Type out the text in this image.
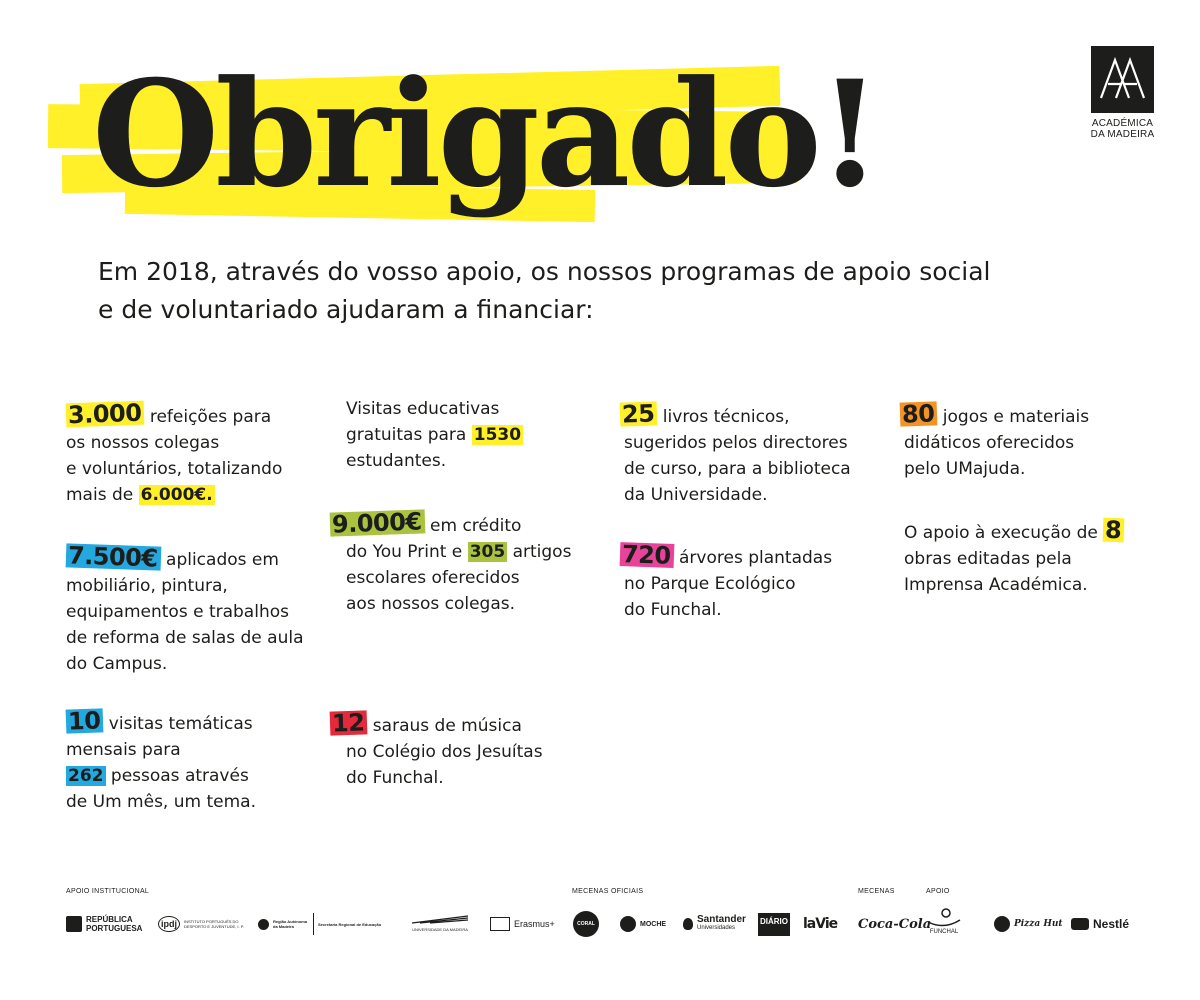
Obrigado!	ACADÉMICA
DA MADEIRA

Em 2018, através do vosso apoio, os nossos programas de apoio social
e de voluntariado ajudaram a financiar:

3.000 refeições para
os nossos colegas
e voluntários, totalizando
mais de 6.000€.
7.500€ aplicados em
mobiliário, pintura,
equipamentos e trabalhos
de reforma de salas de aula
do Campus.
10 visitas temáticas
mensais para
262 pessoas através
de Um mês, um tema.
Visitas educativas
gratuitas para 1530
estudantes.
9.000€ em crédito
do You Print e 305 artigos
escolares oferecidos
aos nossos colegas.
12 saraus de música
no Colégio dos Jesuítas
do Funchal.
25 livros técnicos,
sugeridos pelos directores
de curso, para a biblioteca
da Universidade.
720 árvores plantadas
no Parque Ecológico
do Funchal.
80 jogos e materiais
didáticos oferecidos
pelo UMajuda.
O apoio à execução de 8
obras editadas pela
Imprensa Académica.
APOIO INSTITUCIONAL	MECENAS OFICIAIS	MECENAS	APOIO
REPÚBLICA PORTUGUESA	ipdj	INSTITUTO PORTUGUÊS DO DESPORTO E JUVENTUDE, I. P.
Região Autónoma da Madeira	Secretaria Regional de Educação
UNIVERSIDADE DA MADEIRA
Erasmus+	CORAL	MOCHE	Santander
Universidades
DIÁRIO laVie Coca-Cola
FUNCHAL
Pizza Hut	Nestlé
